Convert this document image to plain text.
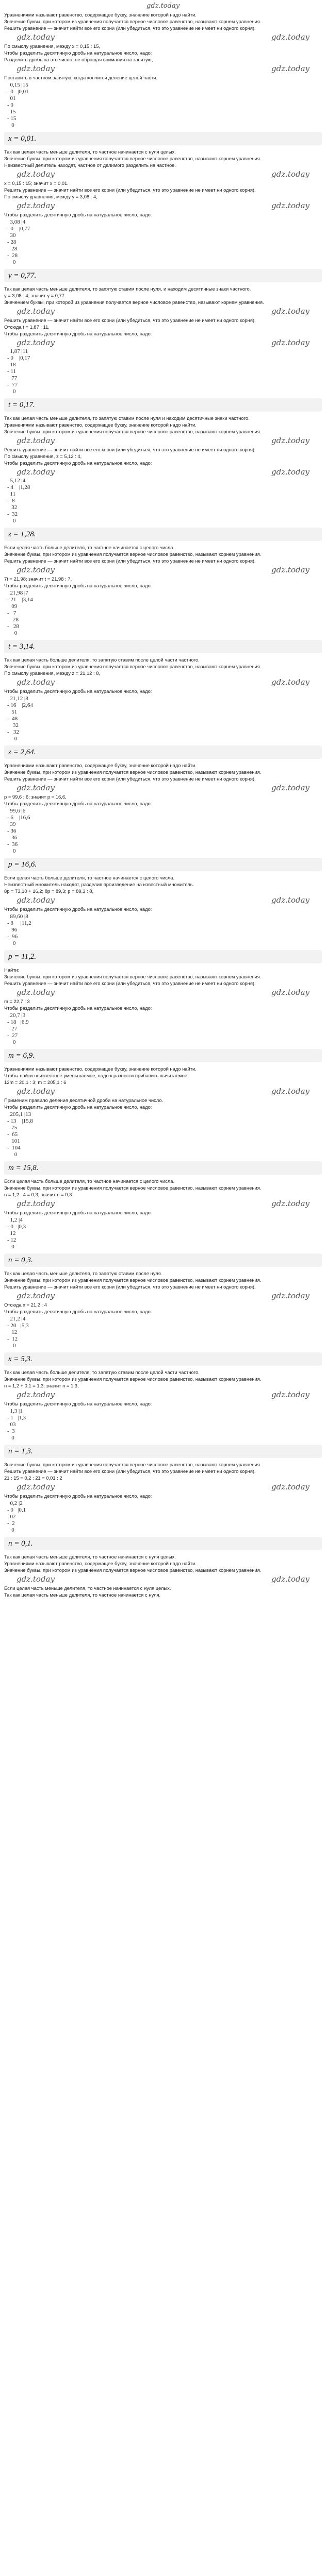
gdz.today

Уравнениями называют равенство, содержащее букву, значение которой надо найти.

Значение буквы, при котором из уравнения получается верное числовое равенство, называют корнем уравнения.

Решить уравнение — значит найти все его корни (или убедиться, что это уравнение не имеет ни одного корня).

gdz.today	gdz.today

По смыслу уравнения, между x = 0,15 : 15,

Чтобы разделить десятичную дробь на натуральное число, надо:

Разделить дробь на это число, не обращая внимания на запятую;

gdz.today	gdz.today

Поставить в частном запятую, когда кончится деление целой части.

0,15 |15
- 0   |0,01
01
- 0
15
- 15
0
x = 0,01.

Так как целая часть меньше делителя, то частное начинается с нуля целых.

Значение буквы, при котором из уравнения получается верное числовое равенство, называют корнем уравнения.

Неизвестный делитель находят, частное от делимого разделить на частное.

gdz.today	gdz.today

x = 0,15 : 15; значит x = 0,01.

Решить уравнение — значит найти все его корни (или убедиться, что это уравнение не имеет ни одного корня).

По смыслу уравнения, между y = 3,08 : 4,

gdz.today	gdz.today

Чтобы разделить десятичную дробь на натуральное число, надо:

3,08 |4
- 0    |0,77
30
- 28
28
-  28
0
y = 0,77.

Так как целая часть меньше делителя, то запятую ставим после нуля, и находим десятичные знаки частного.

y = 3,08 : 4; значит y = 0,77.

Значением буквы, при которой из уравнения получается верное числовое равенство, называют корнем уравнения.

gdz.today	gdz.today

Решить уравнение — значит найти все его корни (или убедиться, что это уравнение не имеет ни одного корня).

Отсюда t = 1,87 : 11,

Чтобы разделить десятичную дробь на натуральное число, надо:

gdz.today	gdz.today
1,87 |11
- 0    |0,17
18
- 11
77
-  77
0
t = 0,17.

Так как целая часть меньше делителя, то запятую ставим после нуля и находим десятичные знаки частного.

Уравнениями называют равенство, содержащее букву, значение которой надо найти.

Значение буквы, при котором из уравнения получается верное числовое равенство, называют корнем уравнения.

gdz.today	gdz.today

Решить уравнение — значит найти все его корни (или убедиться, что это уравнение не имеет ни одного корня).

По смыслу уравнения, z = 5,12 : 4,

Чтобы разделить десятичную дробь на натуральное число, надо:

gdz.today	gdz.today
5,12 |4
- 4    |1,28
11
-  8
32
-  32
0
z = 1,28.

Если целая часть больше делителя, то частное начинается с целого числа.

Значение буквы, при котором из уравнения получается верное числовое равенство, называют корнем уравнения.

Решить уравнение — значит найти все его корни (или убедиться, что это уравнение не имеет ни одного корня).

gdz.today	gdz.today

7t = 21,98; значит t = 21,98 : 7,

Чтобы разделить десятичную дробь на натуральное число, надо:

21,98 |7
- 21    |3,14
09
-   7
28
-   28
0
t = 3,14.

Так как целая часть больше делителя, то запятую ставим после целой части частного.

Значение буквы, при котором из уравнения получается верное числовое равенство, называют корнем уравнения.

По смыслу уравнения, между z = 21,12 : 8,

gdz.today	gdz.today

Чтобы разделить десятичную дробь на натуральное число, надо:

21,12 |8
- 16    |2,64
51
-  48
32
-   32
0
z = 2,64.

Уравнениями называют равенство, содержащее букву, значение которой надо найти.

Значение буквы, при котором из уравнения получается верное числовое равенство, называют корнем уравнения.

Решить уравнение — значит найти все его корни (или убедиться, что это уравнение не имеет ни одного корня).

gdz.today	gdz.today

р = 99,6 : 6; значит р = 16,6,

Чтобы разделить десятичную дробь на натуральное число, надо:

99,6 |6
- 6    |16,6
39
- 36
36
-  36
0
р = 16,6.

Если целая часть больше делителя, то частное начинается с целого числа.

Неизвестный множитель находят, разделив произведение на известный множитель.

8р = 73,10 + 16,2; 8р = 89,3; р = 89,3 : 8,

gdz.today	gdz.today

Чтобы разделить десятичную дробь на натуральное число, надо:

89,60 |8
- 8     |11,2
96
-  96
0
р = 11,2.

Найти:

Значение буквы, при котором из уравнения получается верное числовое равенство, называют корнем уравнения.

Решить уравнение — значит найти все его корни (или убедиться, что это уравнение не имеет ни одного корня).

gdz.today	gdz.today

m = 22,7 : 3

Чтобы разделить десятичную дробь на натуральное число, надо:

20,7 |3
- 18   |6,9
27
-  27
0
m = 6,9.

Уравнениями называют равенство, содержащее букву, значение которой надо найти.

Чтобы найти неизвестное уменьшаемое, надо к разности прибавить вычитаемое.

12m = 20,1 : 3; m = 205,1 : 6

gdz.today	gdz.today

Применим правило деления десятичной дроби на натуральное число.

Чтобы разделить десятичную дробь на натуральное число, надо:

205,1 |13
- 13    |15,8
75
-  65
101
-  104
0
m = 15,8.

Если целая часть больше делителя, то частное начинается с целого числа.

Значение буквы, при котором из уравнения получается верное числовое равенство, называют корнем уравнения.

n = 1,2 : 4 = 0,3; значит n = 0,3

gdz.today	gdz.today

Чтобы разделить десятичную дробь на натуральное число, надо:

1,2 |4
- 0   |0,3
12
- 12
0
n = 0,3.

Так как целая часть меньше делителя, то запятую ставим после нуля.

Значение буквы, при котором из уравнения получается верное числовое равенство, называют корнем уравнения.

Решить уравнение — значит найти все его корни (или убедиться, что это уравнение не имеет ни одного корня).

gdz.today	gdz.today

Отсюда x = 21,2 : 4

Чтобы разделить десятичную дробь на натуральное число, надо:

21,2 |4
- 20   |5,3
12
-  12
0
x = 5,3.

Так как целая часть больше делителя, то запятую ставим после целой части частного.

Значение буквы, при котором из уравнения получается верное числовое равенство, называют корнем уравнения.

n = 1,2 + 0,1 = 1,3; значит n = 1,3,

gdz.today	gdz.today

Чтобы разделить десятичную дробь на натуральное число, надо:

1,3 |1
- 1   |1,3
03
-  3
0
n = 1,3.

Значение буквы, при котором из уравнения получается верное числовое равенство, называют корнем уравнения.

Решить уравнение — значит найти все его корни (или убедиться, что это уравнение не имеет ни одного корня).

21 : 15 = 0,2 : 21 = 0,01 : 2

gdz.today	gdz.today

Чтобы разделить десятичную дробь на натуральное число, надо:

0,2 |2
- 0   |0,1
02
-  2
0
n = 0,1.

Так как целая часть меньше делителя, то частное начинается с нуля целых.

Уравнениями называют равенство, содержащее букву, значение которой надо найти.

Значение буквы, при котором из уравнения получается верное числовое равенство, называют корнем уравнения.

gdz.today	gdz.today

Если целая часть меньше делителя, то частное начинается с нуля целых.

Так как целая часть меньше делителя, то частное начинается с нуля.
